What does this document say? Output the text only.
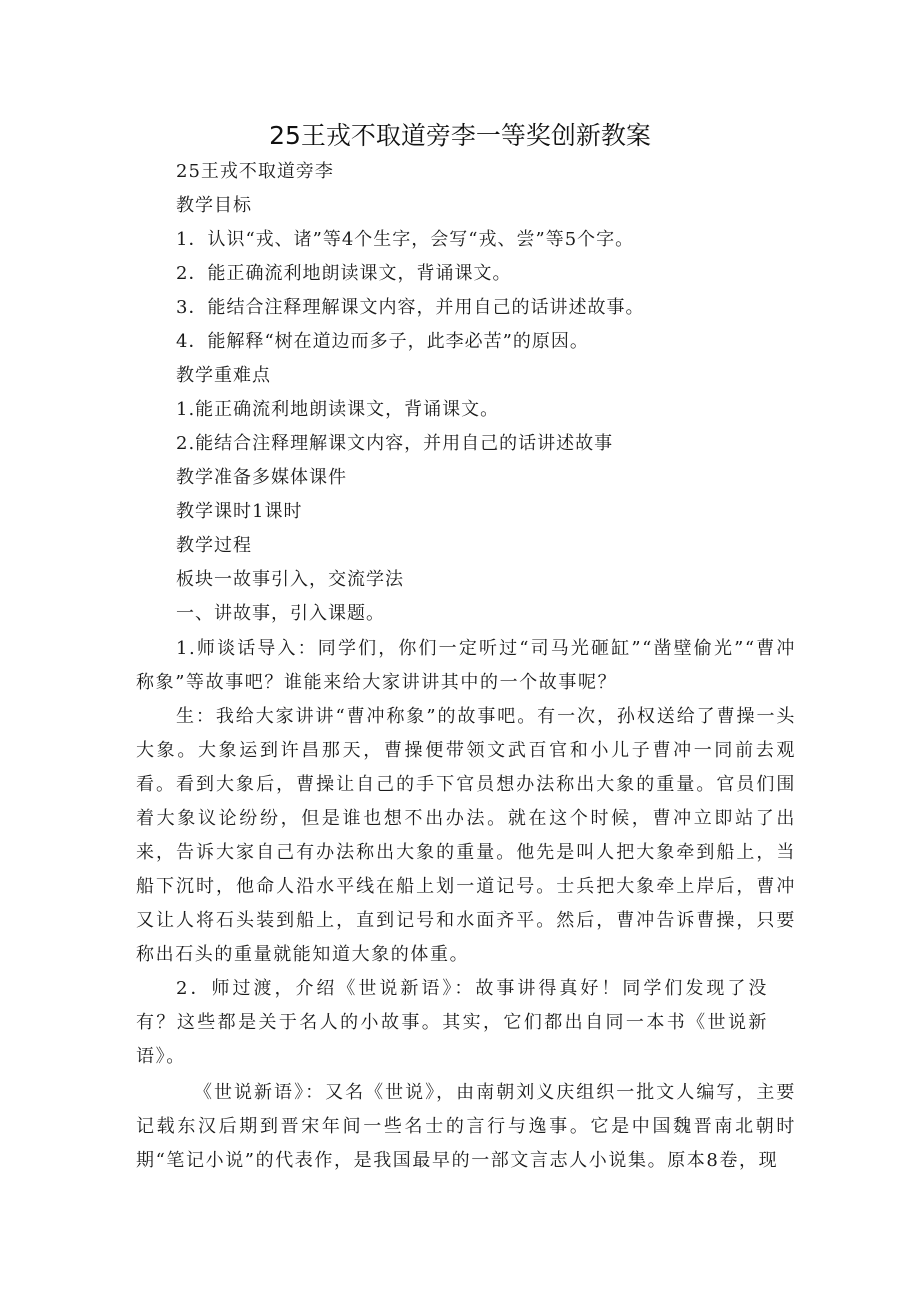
25王戎不取道旁李一等奖创新教案
25王戎不取道旁李
教学目标
1．认识“戎、诸”等4个生字，会写“戎、尝”等5个字。
2．能正确流利地朗读课文，背诵课文。
3．能结合注释理解课文内容，并用自己的话讲述故事。
4．能解释“树在道边而多子，此李必苦”的原因。
教学重难点
1.能正确流利地朗读课文，背诵课文。
2.能结合注释理解课文内容，并用自己的话讲述故事
教学准备多媒体课件
教学课时1课时
教学过程
板块一故事引入，交流学法
一、讲故事，引入课题。

1.师谈话导入：同学们，你们一定听过“司马光砸缸”“凿壁偷光”“曹冲称象”等故事吧？谁能来给大家讲讲其中的一个故事呢？

生：我给大家讲讲“曹冲称象”的故事吧。有一次，孙权送给了曹操一头大象。大象运到许昌那天，曹操便带领文武百官和小儿子曹冲一同前去观看。看到大象后，曹操让自己的手下官员想办法称出大象的重量。官员们围着大象议论纷纷，但是谁也想不出办法。就在这个时候，曹冲立即站了出来，告诉大家自己有办法称出大象的重量。他先是叫人把大象牵到船上，当船下沉时，他命人沿水平线在船上划一道记号。士兵把大象牵上岸后，曹冲又让人将石头装到船上，直到记号和水面齐平。然后，曹冲告诉曹操，只要称出石头的重量就能知道大象的体重。

2．师过渡，介绍《世说新语》：故事讲得真好！同学们发现了没有？这些都是关于名人的小故事。其实，它们都出自同一本书《世说新语》。

《世说新语》：又名《世说》，由南朝刘义庆组织一批文人编写，主要记载东汉后期到晋宋年间一些名士的言行与逸事。它是中国魏晋南北朝时期“笔记小说”的代表作，是我国最早的一部文言志人小说集。原本8卷，现
